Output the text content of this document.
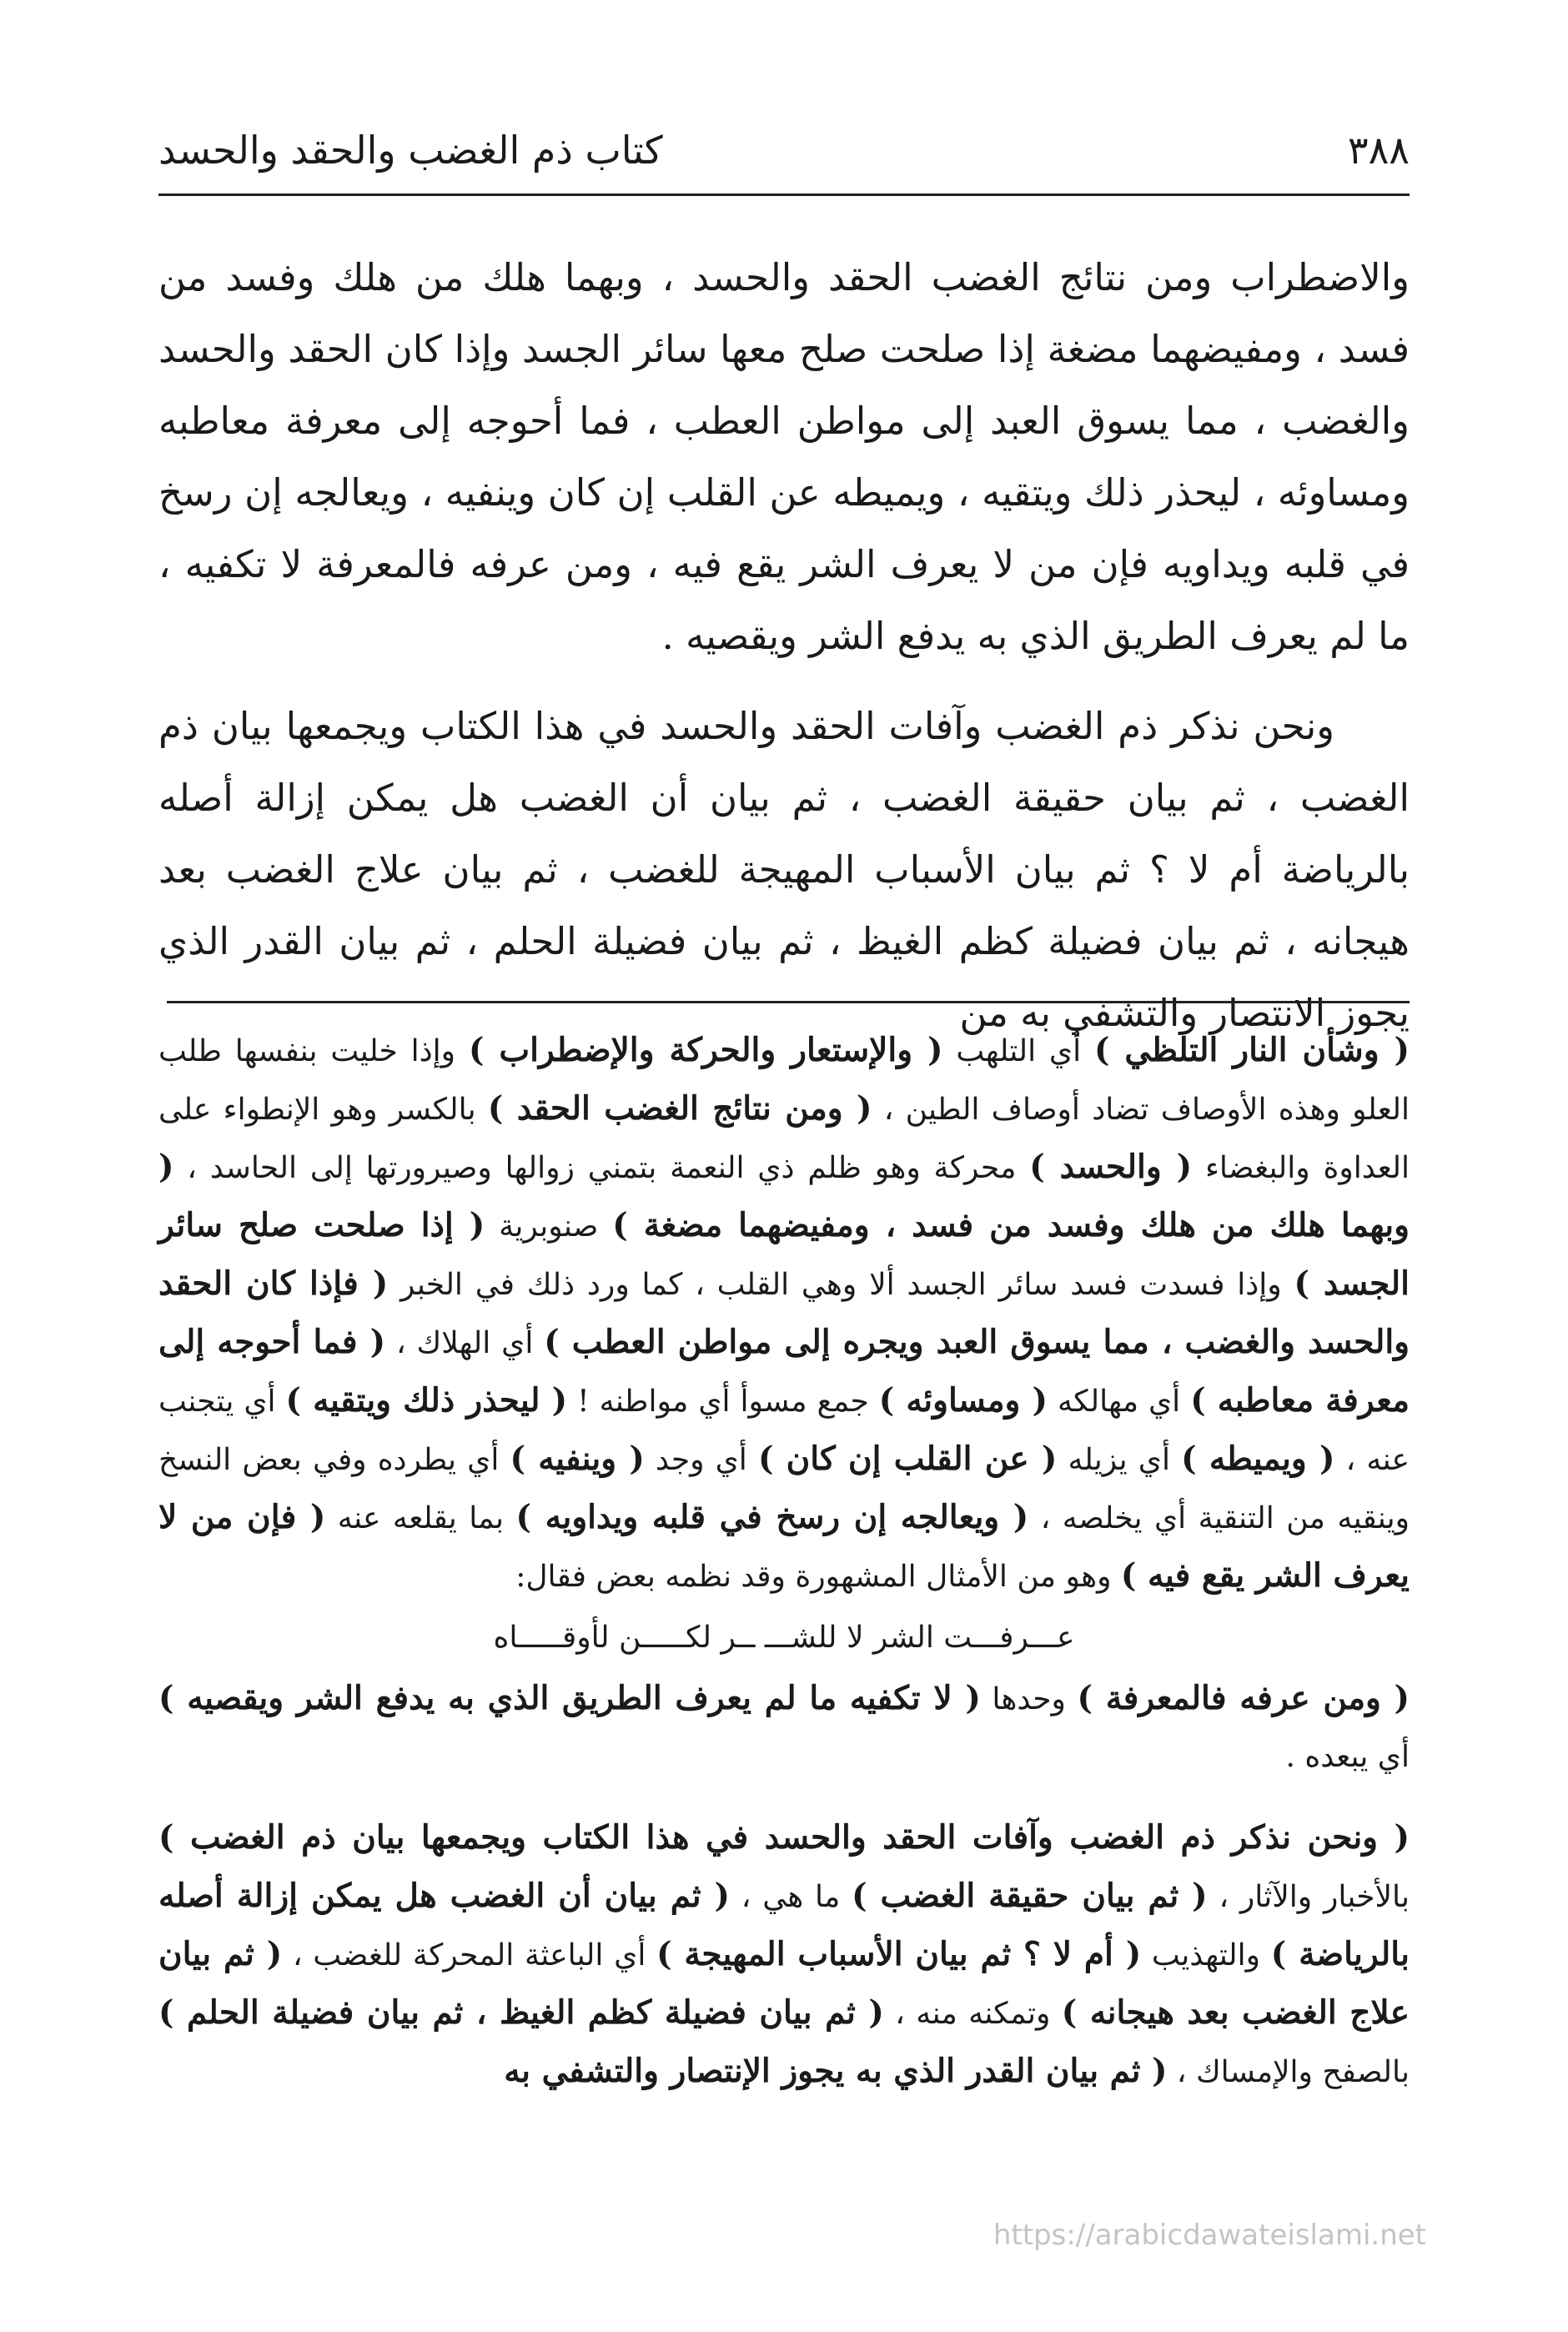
٣٨٨
كتاب ذم الغضب والحقد والحسد

والاضطراب ومن نتائج الغضب الحقد والحسد ، وبهما هلك من هلك وفسد من فسد ، ومفيضهما مضغة إذا صلحت صلح معها سائر الجسد وإذا كان الحقد والحسد والغضب ، مما يسوق العبد إلى مواطن العطب ، فما أحوجه إلى معرفة معاطبه ومساوئه ، ليحذر ذلك ويتقيه ، ويميطه عن القلب إن كان وينفيه ، ويعالجه إن رسخ في قلبه ويداويه فإن من لا يعرف الشر يقع فيه ، ومن عرفه فالمعرفة لا تكفيه ، ما لم يعرف الطريق الذي به يدفع الشر ويقصيه .

ونحن نذكر ذم الغضب وآفات الحقد والحسد في هذا الكتاب ويجمعها بيان ذم الغضب ، ثم بيان حقيقة الغضب ، ثم بيان أن الغضب هل يمكن إزالة أصله بالرياضة أم لا ؟ ثم بيان الأسباب المهيجة للغضب ، ثم بيان علاج الغضب بعد هيجانه ، ثم بيان فضيلة كظم الغيظ ، ثم بيان فضيلة الحلم ، ثم بيان القدر الذي يجوز الانتصار والتشفي به من

( وشأن النار التلظي ) أي التلهب ( والإستعار والحركة والإضطراب ) وإذا خليت بنفسها طلب العلو وهذه الأوصاف تضاد أوصاف الطين ، ( ومن نتائج الغضب الحقد ) بالكسر وهو الإنطواء على العداوة والبغضاء ( والحسد ) محركة وهو ظلم ذي النعمة بتمني زوالها وصيرورتها إلى الحاسد ، ( وبهما هلك من هلك وفسد من فسد ، ومفيضهما مضغة ) صنوبرية ( إذا صلحت صلح سائر الجسد ) وإذا فسدت فسد سائر الجسد ألا وهي القلب ، كما ورد ذلك في الخبر ( فإذا كان الحقد والحسد والغضب ، مما يسوق العبد ويجره إلى مواطن العطب ) أي الهلاك ، ( فما أحوجه إلى معرفة معاطبه ) أي مهالكه ( ومساوئه ) جمع مسوأ أي مواطنه ! ( ليحذر ذلك ويتقيه ) أي يتجنب عنه ، ( ويميطه ) أي يزيله ( عن القلب إن كان ) أي وجد ( وينفيه ) أي يطرده وفي بعض النسخ وينقيه من التنقية أي يخلصه ، ( ويعالجه إن رسخ في قلبه ويداويه ) بما يقلعه عنه ( فإن من لا يعرف الشر يقع فيه ) وهو من الأمثال المشهورة وقد نظمه بعض فقال:

عـــرفـــت الشر لا للشـــ ــر لكـــــن لأوقـــــاه

( ومن عرفه فالمعرفة ) وحدها ( لا تكفيه ما لم يعرف الطريق الذي به يدفع الشر ويقصيه ) أي يبعده .

( ونحن نذكر ذم الغضب وآفات الحقد والحسد في هذا الكتاب ويجمعها بيان ذم الغضب ) بالأخبار والآثار ، ( ثم بيان حقيقة الغضب ) ما هي ، ( ثم بيان أن الغضب هل يمكن إزالة أصله بالرياضة ) والتهذيب ( أم لا ؟ ثم بيان الأسباب المهيجة ) أي الباعثة المحركة للغضب ، ( ثم بيان علاج الغضب بعد هيجانه ) وتمكنه منه ، ( ثم بيان فضيلة كظم الغيظ ، ثم بيان فضيلة الحلم ) بالصفح والإمساك ، ( ثم بيان القدر الذي به يجوز الإنتصار والتشفي به

https://arabicdawateislami.net
